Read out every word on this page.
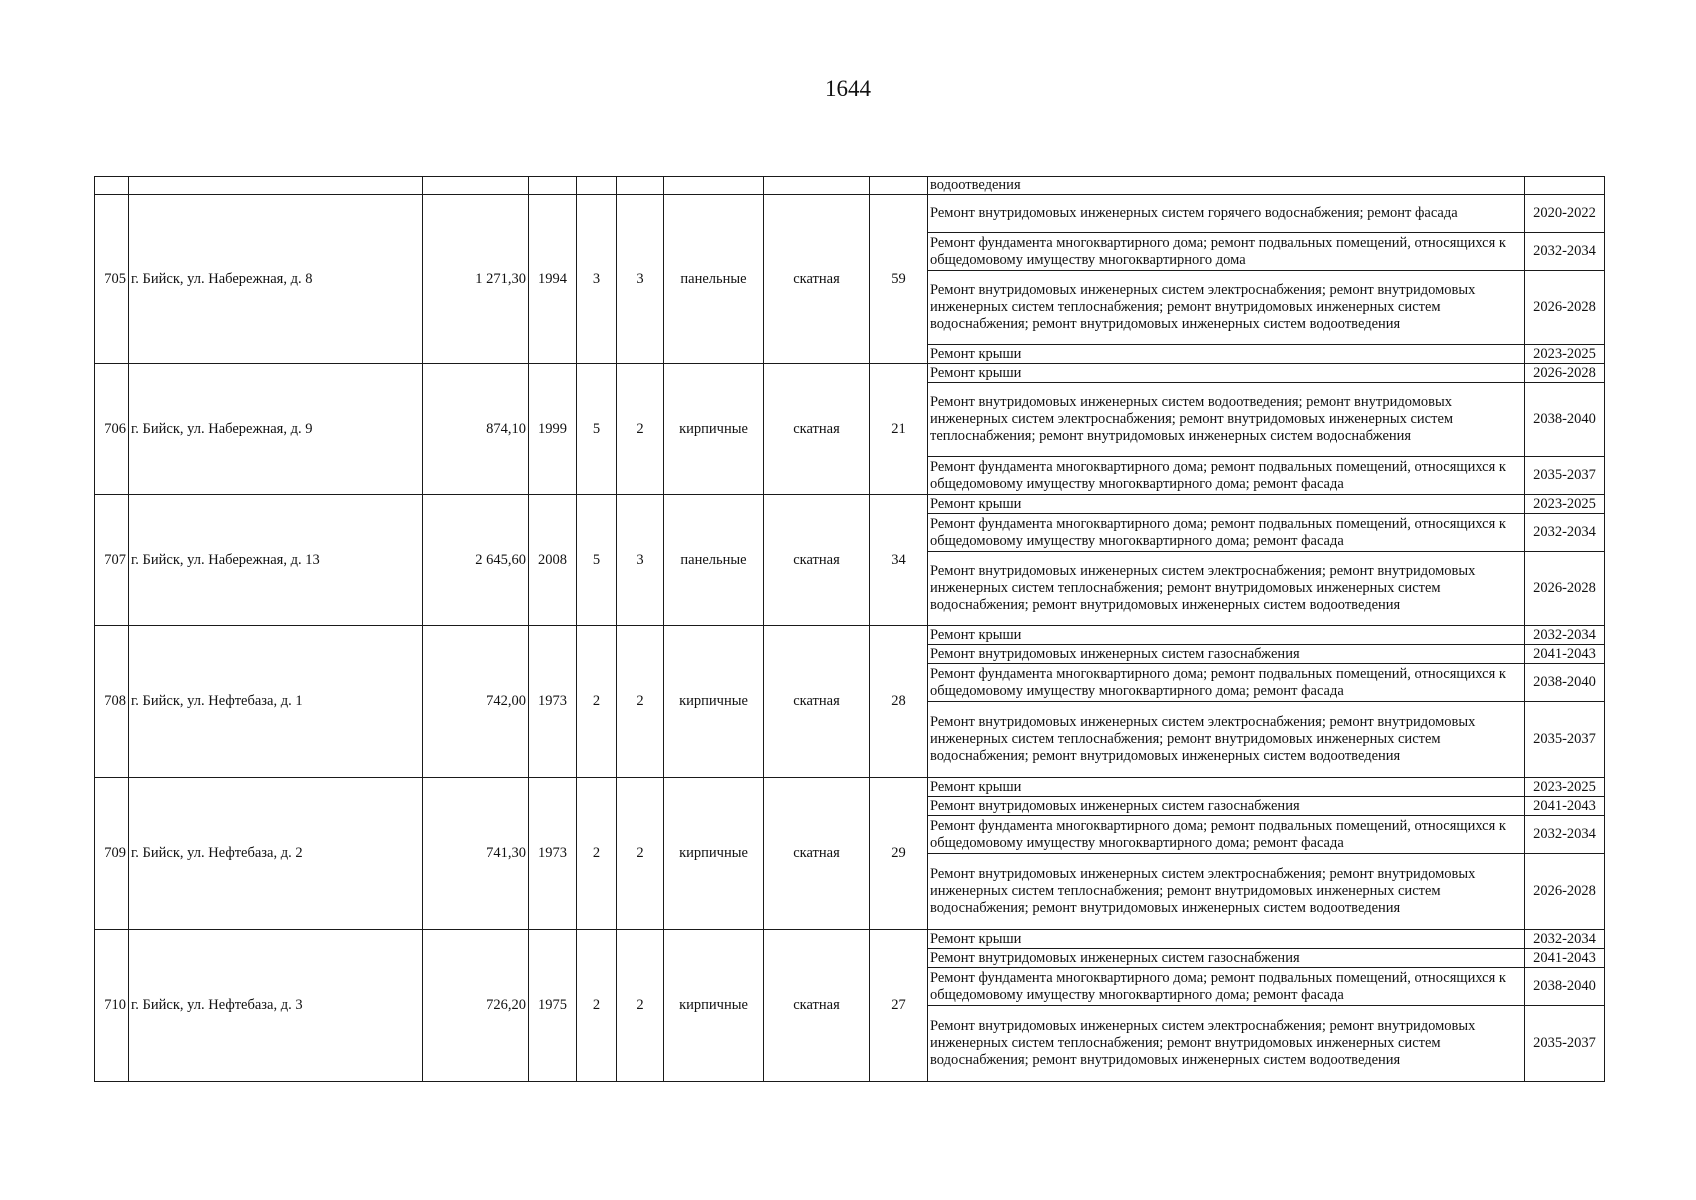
1644
									водоотведения	
705	г. Бийск, ул. Набережная, д. 8	1 271,30	1994	3	3	панельные	скатная	59	Ремонт внутридомовых инженерных систем горячего водоснабжения; ремонт фасада	2020-2022
									Ремонт фундамента многоквартирного дома; ремонт подвальных помещений, относящихся к общедомовому имуществу многоквартирного дома	2032-2034
									Ремонт внутридомовых инженерных систем электроснабжения; ремонт внутридомовых инженерных систем теплоснабжения; ремонт внутридомовых инженерных систем водоснабжения; ремонт внутридомовых инженерных систем водоотведения	2026-2028
									Ремонт крыши	2023-2025
706	г. Бийск, ул. Набережная, д. 9	874,10	1999	5	2	кирпичные	скатная	21	Ремонт крыши	2026-2028
									Ремонт внутридомовых инженерных систем водоотведения; ремонт внутридомовых инженерных систем электроснабжения; ремонт внутридомовых инженерных систем теплоснабжения; ремонт внутридомовых инженерных систем водоснабжения	2038-2040
									Ремонт фундамента многоквартирного дома; ремонт подвальных помещений, относящихся к общедомовому имуществу многоквартирного дома; ремонт фасада	2035-2037
707	г. Бийск, ул. Набережная, д. 13	2 645,60	2008	5	3	панельные	скатная	34	Ремонт крыши	2023-2025
									Ремонт фундамента многоквартирного дома; ремонт подвальных помещений, относящихся к общедомовому имуществу многоквартирного дома; ремонт фасада	2032-2034
									Ремонт внутридомовых инженерных систем электроснабжения; ремонт внутридомовых инженерных систем теплоснабжения; ремонт внутридомовых инженерных систем водоснабжения; ремонт внутридомовых инженерных систем водоотведения	2026-2028
708	г. Бийск, ул. Нефтебаза, д. 1	742,00	1973	2	2	кирпичные	скатная	28	Ремонт крыши	2032-2034
									Ремонт внутридомовых инженерных систем газоснабжения	2041-2043
									Ремонт фундамента многоквартирного дома; ремонт подвальных помещений, относящихся к общедомовому имуществу многоквартирного дома; ремонт фасада	2038-2040
									Ремонт внутридомовых инженерных систем электроснабжения; ремонт внутридомовых инженерных систем теплоснабжения; ремонт внутридомовых инженерных систем водоснабжения; ремонт внутридомовых инженерных систем водоотведения	2035-2037
709	г. Бийск, ул. Нефтебаза, д. 2	741,30	1973	2	2	кирпичные	скатная	29	Ремонт крыши	2023-2025
									Ремонт внутридомовых инженерных систем газоснабжения	2041-2043
									Ремонт фундамента многоквартирного дома; ремонт подвальных помещений, относящихся к общедомовому имуществу многоквартирного дома; ремонт фасада	2032-2034
									Ремонт внутридомовых инженерных систем электроснабжения; ремонт внутридомовых инженерных систем теплоснабжения; ремонт внутридомовых инженерных систем водоснабжения; ремонт внутридомовых инженерных систем водоотведения	2026-2028
710	г. Бийск, ул. Нефтебаза, д. 3	726,20	1975	2	2	кирпичные	скатная	27	Ремонт крыши	2032-2034
									Ремонт внутридомовых инженерных систем газоснабжения	2041-2043
									Ремонт фундамента многоквартирного дома; ремонт подвальных помещений, относящихся к общедомовому имуществу многоквартирного дома; ремонт фасада	2038-2040
									Ремонт внутридомовых инженерных систем электроснабжения; ремонт внутридомовых инженерных систем теплоснабжения; ремонт внутридомовых инженерных систем водоснабжения; ремонт внутридомовых инженерных систем водоотведения	2035-2037
